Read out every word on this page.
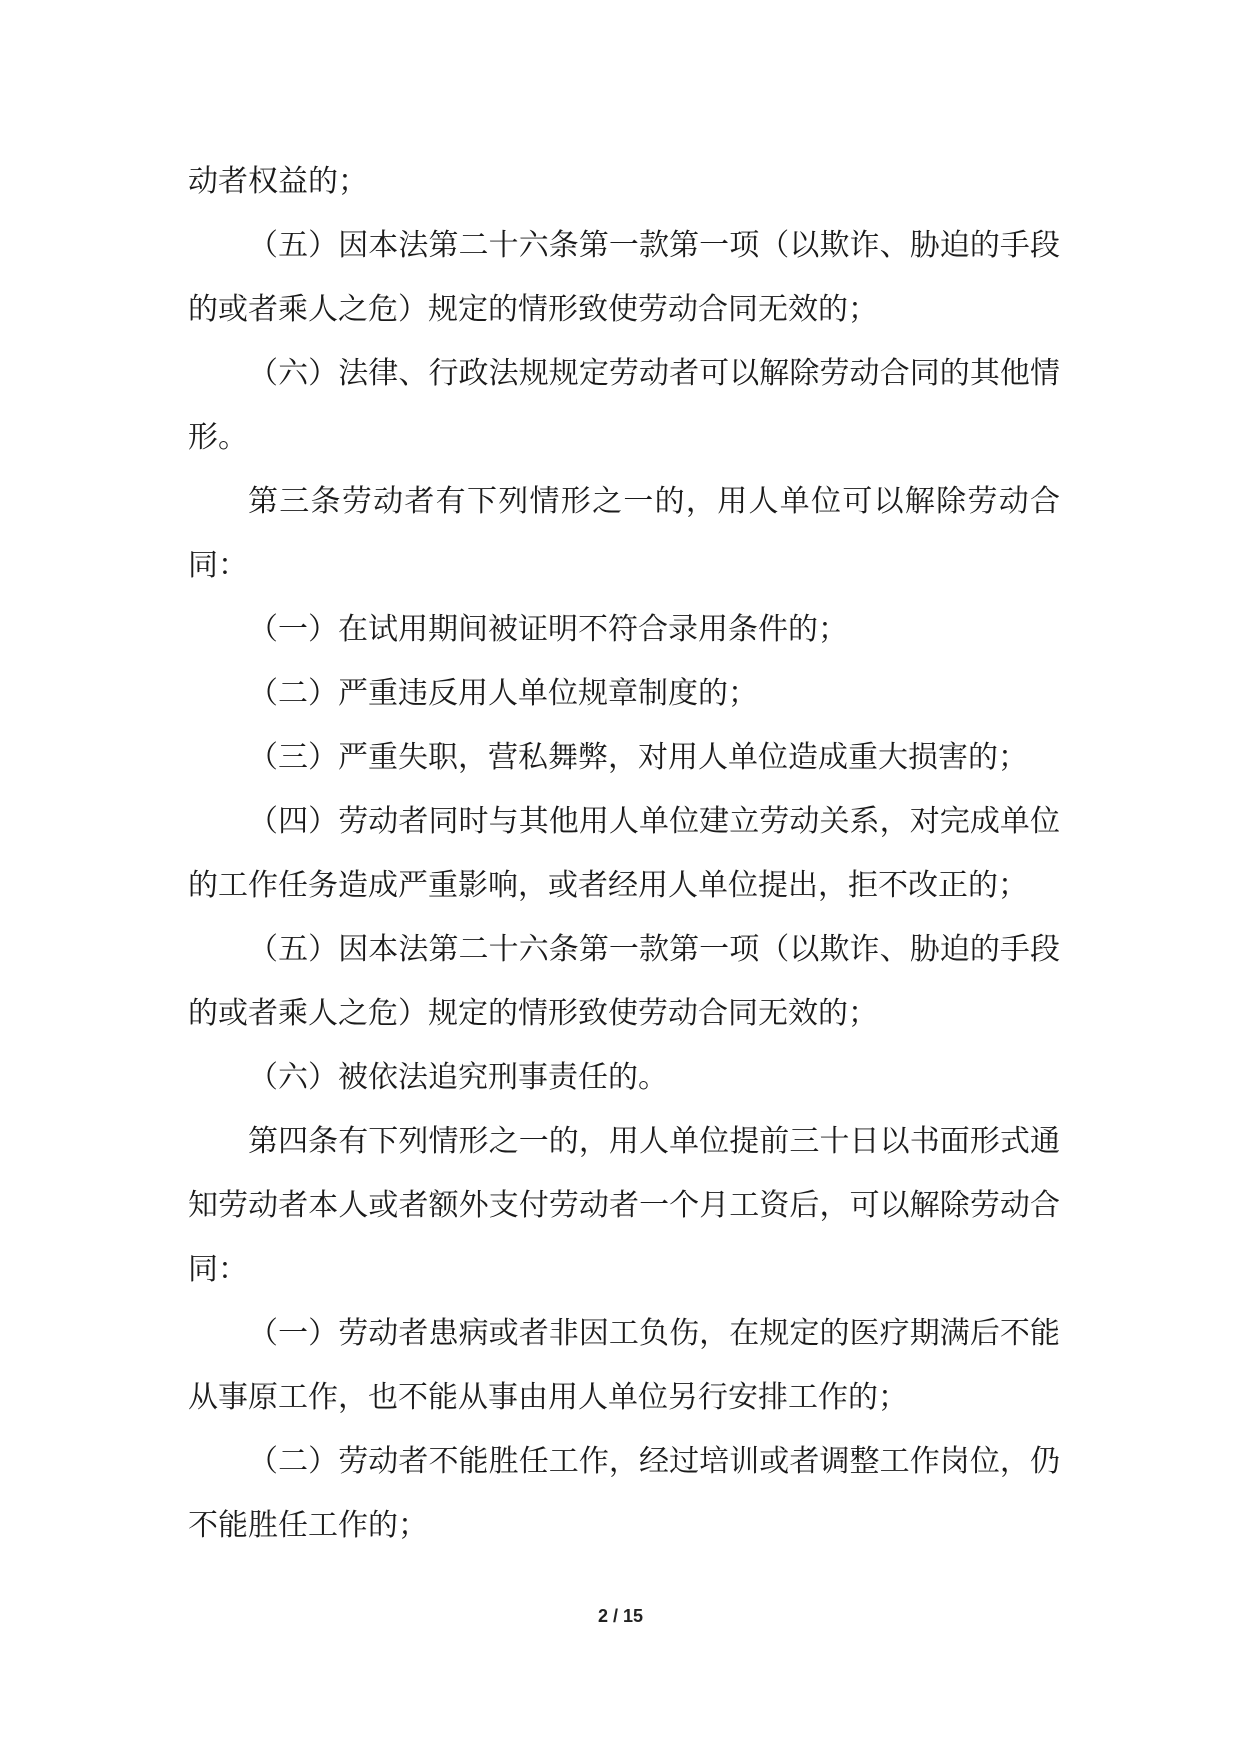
动者权益的；

（五）因本法第二十六条第一款第一项（以欺诈、胁迫的手段的或者乘人之危）规定的情形致使劳动合同无效的；

（六）法律、行政法规规定劳动者可以解除劳动合同的其他情形。

第三条劳动者有下列情形之一的，用人单位可以解除劳动合同：

（一）在试用期间被证明不符合录用条件的；

（二）严重违反用人单位规章制度的；

（三）严重失职，营私舞弊，对用人单位造成重大损害的；

（四）劳动者同时与其他用人单位建立劳动关系，对完成单位的工作任务造成严重影响，或者经用人单位提出，拒不改正的；

（五）因本法第二十六条第一款第一项（以欺诈、胁迫的手段的或者乘人之危）规定的情形致使劳动合同无效的；

（六）被依法追究刑事责任的。

第四条有下列情形之一的，用人单位提前三十日以书面形式通知劳动者本人或者额外支付劳动者一个月工资后，可以解除劳动合同：

（一）劳动者患病或者非因工负伤，在规定的医疗期满后不能从事原工作，也不能从事由用人单位另行安排工作的；

（二）劳动者不能胜任工作，经过培训或者调整工作岗位，仍不能胜任工作的；

2 / 15
